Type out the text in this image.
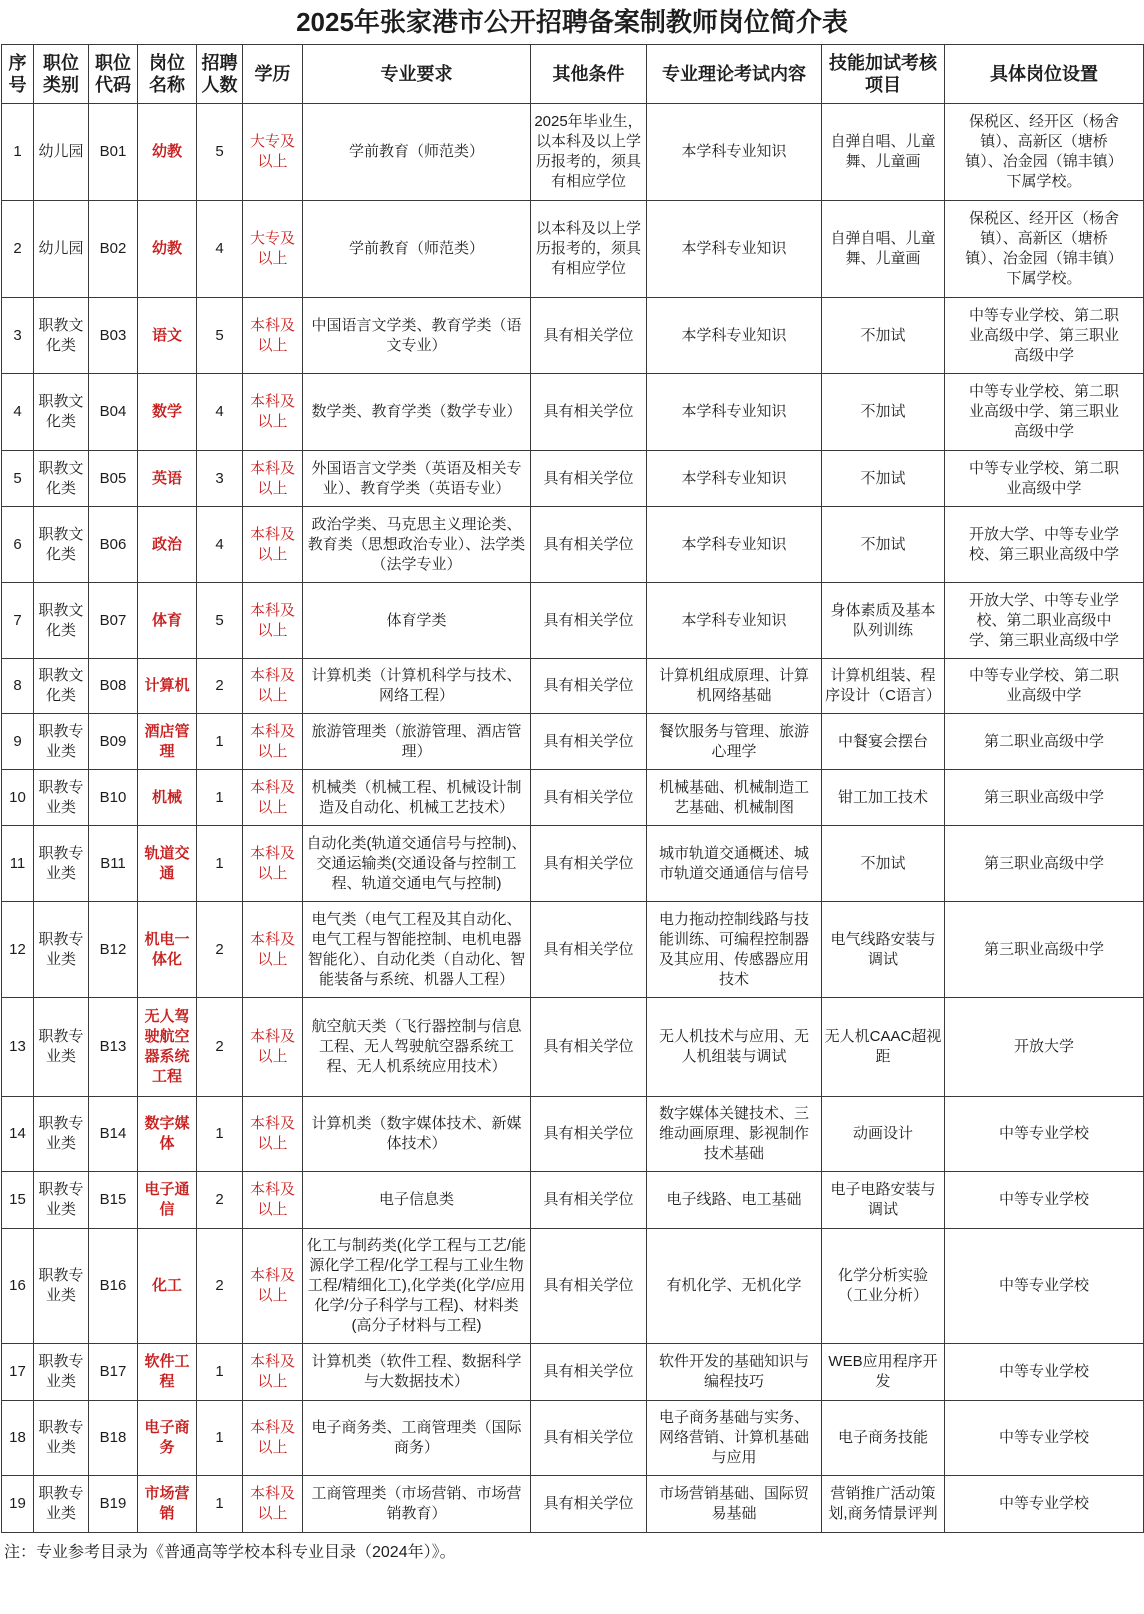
2025年张家港市公开招聘备案制教师岗位简介表
序号	职位类别	职位代码	岗位名称	招聘人数	学历	专业要求	其他条件	专业理论考试内容	技能加试考核项目	具体岗位设置
1	幼儿园	B01	幼教	5	大专及以上	学前教育（师范类）	2025年毕业生，以本科及以上学历报考的，须具有相应学位	本学科专业知识	自弹自唱、儿童舞、儿童画	保税区、经开区（杨舍镇）、高新区（塘桥镇）、冶金园（锦丰镇）下属学校。
2	幼儿园	B02	幼教	4	大专及以上	学前教育（师范类）	以本科及以上学历报考的，须具有相应学位	本学科专业知识	自弹自唱、儿童舞、儿童画	保税区、经开区（杨舍镇）、高新区（塘桥镇）、冶金园（锦丰镇）下属学校。
3	职教文化类	B03	语文	5	本科及以上	中国语言文学类、教育学类（语文专业）	具有相关学位	本学科专业知识	不加试	中等专业学校、第二职业高级中学、第三职业高级中学
4	职教文化类	B04	数学	4	本科及以上	数学类、教育学类（数学专业）	具有相关学位	本学科专业知识	不加试	中等专业学校、第二职业高级中学、第三职业高级中学
5	职教文化类	B05	英语	3	本科及以上	外国语言文学类（英语及相关专业）、教育学类（英语专业）	具有相关学位	本学科专业知识	不加试	中等专业学校、第二职业高级中学
6	职教文化类	B06	政治	4	本科及以上	政治学类、马克思主义理论类、教育类（思想政治专业）、法学类（法学专业）	具有相关学位	本学科专业知识	不加试	开放大学、中等专业学校、第三职业高级中学
7	职教文化类	B07	体育	5	本科及以上	体育学类	具有相关学位	本学科专业知识	身体素质及基本队列训练	开放大学、中等专业学校、第二职业高级中学、第三职业高级中学
8	职教文化类	B08	计算机	2	本科及以上	计算机类（计算机科学与技术、网络工程）	具有相关学位	计算机组成原理、计算机网络基础	计算机组装、程序设计（C语言）	中等专业学校、第二职业高级中学
9	职教专业类	B09	酒店管理	1	本科及以上	旅游管理类（旅游管理、酒店管理）	具有相关学位	餐饮服务与管理、旅游心理学	中餐宴会摆台	第二职业高级中学
10	职教专业类	B10	机械	1	本科及以上	机械类（机械工程、机械设计制造及自动化、机械工艺技术）	具有相关学位	机械基础、机械制造工艺基础、机械制图	钳工加工技术	第三职业高级中学
11	职教专业类	B11	轨道交通	1	本科及以上	自动化类(轨道交通信号与控制)、交通运输类(交通设备与控制工程、轨道交通电气与控制)	具有相关学位	城市轨道交通概述、城市轨道交通通信与信号	不加试	第三职业高级中学
12	职教专业类	B12	机电一体化	2	本科及以上	电气类（电气工程及其自动化、电气工程与智能控制、电机电器智能化）、自动化类（自动化、智能装备与系统、机器人工程）	具有相关学位	电力拖动控制线路与技能训练、可编程控制器及其应用、传感器应用技术	电气线路安装与调试	第三职业高级中学
13	职教专业类	B13	无人驾驶航空器系统工程	2	本科及以上	航空航天类（飞行器控制与信息工程、无人驾驶航空器系统工程、无人机系统应用技术）	具有相关学位	无人机技术与应用、无人机组装与调试	无人机CAAC超视距	开放大学
14	职教专业类	B14	数字媒体	1	本科及以上	计算机类（数字媒体技术、新媒体技术）	具有相关学位	数字媒体关键技术、三维动画原理、影视制作技术基础	动画设计	中等专业学校
15	职教专业类	B15	电子通信	2	本科及以上	电子信息类	具有相关学位	电子线路、电工基础	电子电路安装与调试	中等专业学校
16	职教专业类	B16	化工	2	本科及以上	化工与制药类(化学工程与工艺/能源化学工程/化学工程与工业生物工程/精细化工),化学类(化学/应用化学/分子科学与工程)、材料类(高分子材料与工程)	具有相关学位	有机化学、无机化学	化学分析实验（工业分析）	中等专业学校
17	职教专业类	B17	软件工程	1	本科及以上	计算机类（软件工程、数据科学与大数据技术）	具有相关学位	软件开发的基础知识与编程技巧	WEB应用程序开发	中等专业学校
18	职教专业类	B18	电子商务	1	本科及以上	电子商务类、工商管理类（国际商务）	具有相关学位	电子商务基础与实务、网络营销、计算机基础与应用	电子商务技能	中等专业学校
19	职教专业类	B19	市场营销	1	本科及以上	工商管理类（市场营销、市场营销教育）	具有相关学位	市场营销基础、国际贸易基础	营销推广活动策划,商务情景评判	中等专业学校
注：专业参考目录为《普通高等学校本科专业目录（2024年）》。
